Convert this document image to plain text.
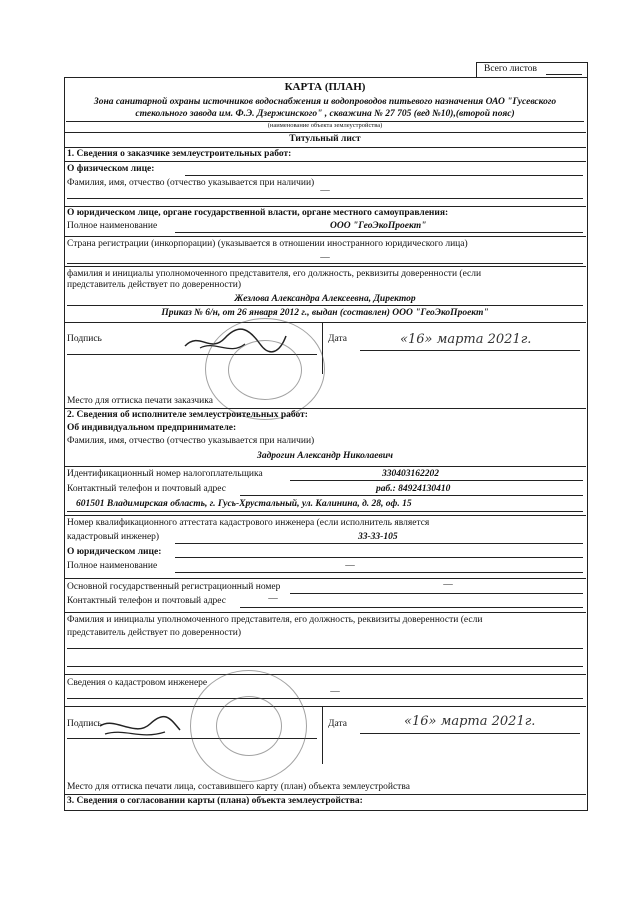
Всего листов
КАРТА (ПЛАН)
Зона санитарной охраны источников водоснабжения и водопроводов питьевого назначения ОАО "Гусевского
стекольного завода им. Ф.Э. Дзержинского" , скважина № 27 705 (вед №10),(второй пояс)
(наименование объекта землеустройства)
Титульный лист
1. Сведения о заказчике землеустроительных работ:
О физическом лице:
Фамилия, имя, отчество (отчество указывается при наличии)
—
О юридическом лице, органе государственной власти, органе местного самоуправления:
Полное наименование	ООО "ГеоЭкоПроект"
Страна регистрации (инкорпорации) (указывается в отношении иностранного юридического лица)
—
фамилия и инициалы уполномоченного представителя, его должность, реквизиты доверенности (если
представитель действует по доверенности)
Жезлова Александра Алексеевна, Директор
Приказ № 6/н, от 26 января 2012 г., выдан (составлен) ООО "ГеоЭкоПроект"
Подпись	Дата	«16» марта 2021г.
Место для оттиска печати заказчика
2. Сведения об исполнителе землеустроительных работ:
Об индивидуальном предпринимателе:
Фамилия, имя, отчество (отчество указывается при наличии)
Задрогин Александр Николаевич
Идентификационный номер налогоплательщика	330403162202
Контактный телефон и почтовый адрес	раб.: 84924130410
601501 Владимирская область, г. Гусь-Хрустальный, ул. Калинина, д. 28, оф. 15
Номер квалификационного аттестата кадастрового инженера (если исполнитель является
кадастровый инженер)	33-33-105
О юридическом лице:
Полное наименование	—
Основной государственный регистрационный номер	—
Контактный телефон и почтовый адрес	—
Фамилия и инициалы уполномоченного представителя, его должность, реквизиты доверенности (если
представитель действует по доверенности)
Сведения о кадастровом инженере
—
Подпись	Дата	«16» марта 2021г.
Место для оттиска печати лица, составившего карту (план) объекта землеустройства
3. Сведения о согласовании карты (плана) объекта землеустройства:
